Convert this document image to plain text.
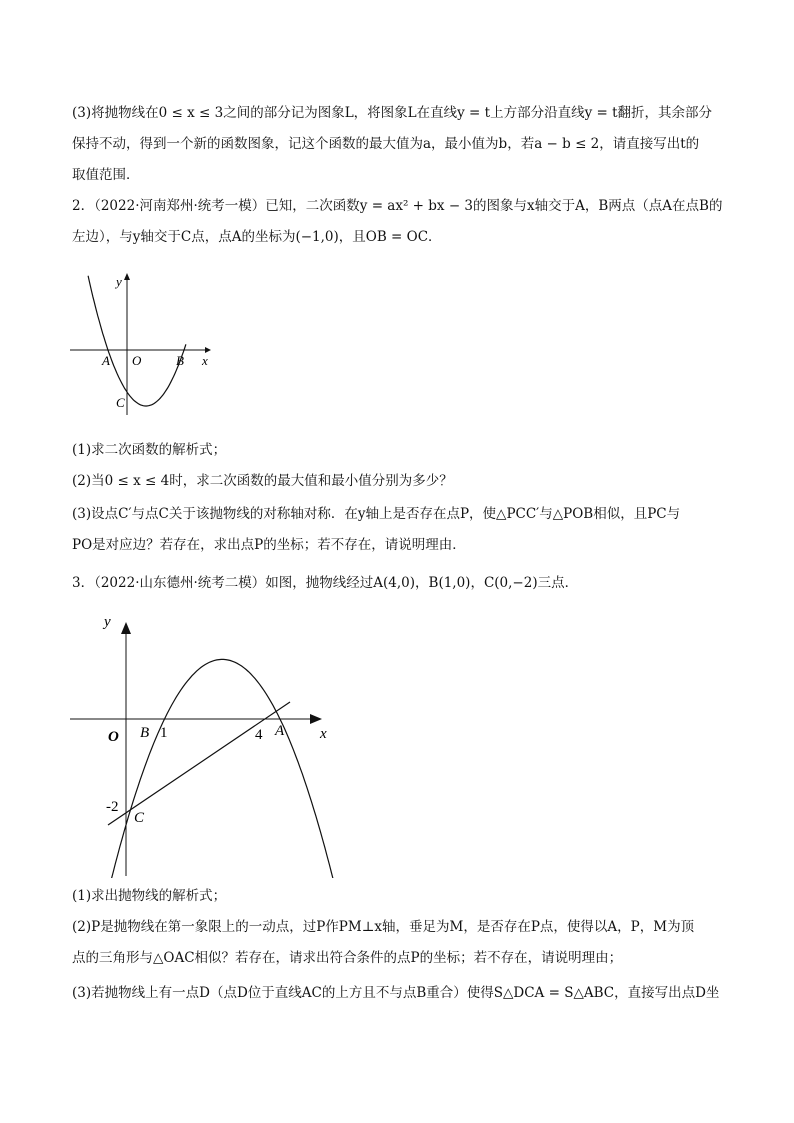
(3)将抛物线在0 ≤ x ≤ 3之间的部分记为图象L，将图象L在直线y = t上方部分沿直线y = t翻折，其余部分
保持不动，得到一个新的函数图象，记这个函数的最大值为a，最小值为b，若a − b ≤ 2，请直接写出t的
取值范围．
2．（2022·河南郑州·统考一模）已知，二次函数y = ax² + bx − 3的图象与x轴交于A，B两点（点A在点B的
左边），与y轴交于C点，点A的坐标为(−1,0)，且OB = OC．
y
x
O
A	B
C
(1)求二次函数的解析式；
(2)当0 ≤ x ≤ 4时，求二次函数的最大值和最小值分别为多少？
(3)设点C′与点C关于该抛物线的对称轴对称．在y轴上是否存在点P，使△PCC′与△POB相似，且PC与
PO是对应边？若存在，求出点P的坐标；若不存在，请说明理由．
3．（2022·山东德州·统考二模）如图，抛物线经过A(4,0)，B(1,0)，C(0,−2)三点．
y
x
O B 1	4 A
-2
C
(1)求出抛物线的解析式；
(2)P是抛物线在第一象限上的一动点，过P作PM⊥x轴，垂足为M，是否存在P点，使得以A，P，M为顶
点的三角形与△OAC相似？若存在，请求出符合条件的点P的坐标；若不存在，请说明理由；
(3)若抛物线上有一点D（点D位于直线AC的上方且不与点B重合）使得S△DCA = S△ABC，直接写出点D坐
